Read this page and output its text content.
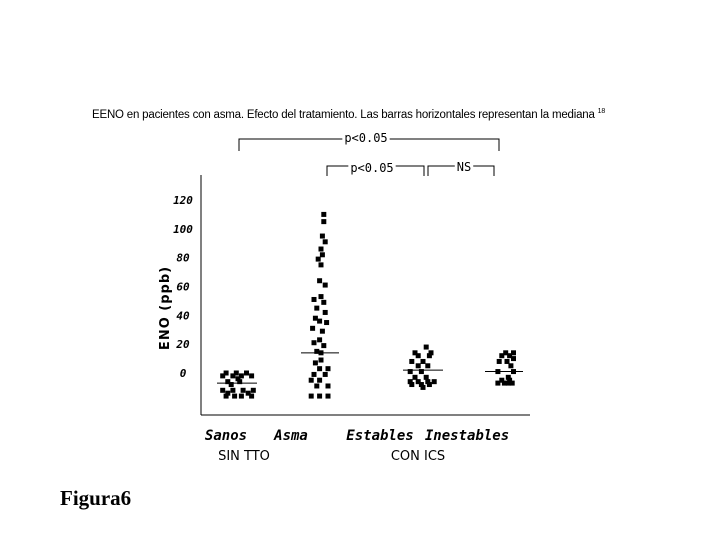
EENO en pacientes con asma. Efecto del tratamiento. Las barras horizontales representan la mediana $^{18}$
0
20
40
60
80
100
120
ENO (ppb)
Sanos Asma	Estables Inestables
SIN TTO	CON ICS
p<0.05
p<0.05	NS
Figura6
